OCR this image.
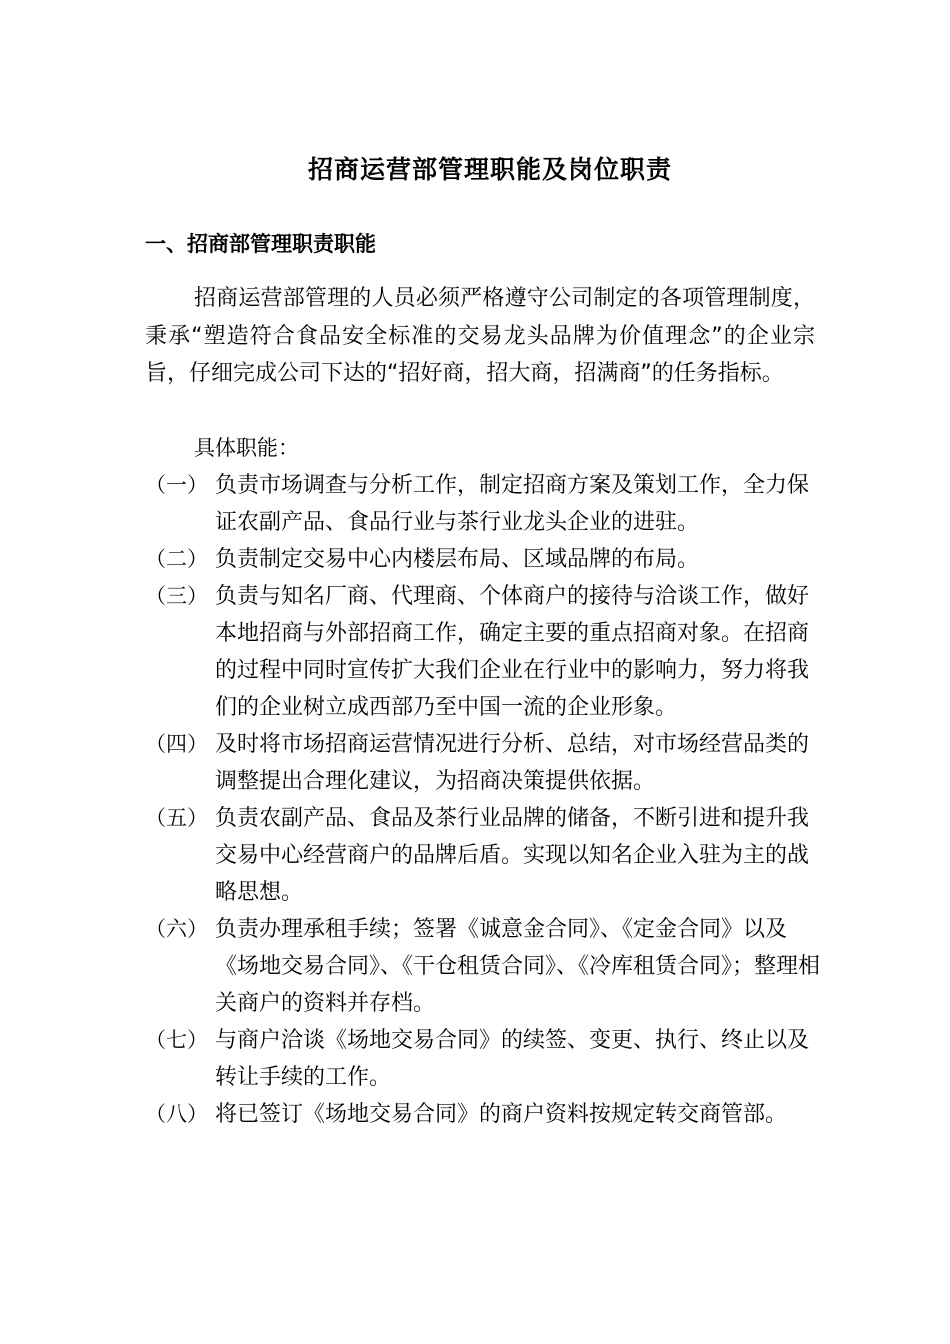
招商运营部管理职能及岗位职责
一、招商部管理职责职能

招商运营部管理的人员必须严格遵守公司制定的各项管理制度，秉承“塑造符合食品安全标准的交易龙头品牌为价值理念”的企业宗旨，仔细完成公司下达的“招好商，招大商，招满商”的任务指标。

具体职能：
（一） 负责市场调查与分析工作，制定招商方案及策划工作，全力保证农副产品、食品行业与茶行业龙头企业的进驻。
（二） 负责制定交易中心内楼层布局、区域品牌的布局。
（三） 负责与知名厂商、代理商、个体商户的接待与洽谈工作，做好本地招商与外部招商工作，确定主要的重点招商对象。在招商的过程中同时宣传扩大我们企业在行业中的影响力，努力将我们的企业树立成西部乃至中国一流的企业形象。
（四） 及时将市场招商运营情况进行分析、总结，对市场经营品类的调整提出合理化建议，为招商决策提供依据。
（五） 负责农副产品、食品及茶行业品牌的储备，不断引进和提升我交易中心经营商户的品牌后盾。实现以知名企业入驻为主的战略思想。
（六） 负责办理承租手续；签署《诚意金合同》、《定金合同》以及《场地交易合同》、《干仓租赁合同》、《冷库租赁合同》；整理相关商户的资料并存档。
（七） 与商户洽谈《场地交易合同》的续签、变更、执行、终止以及转让手续的工作。
（八） 将已签订《场地交易合同》的商户资料按规定转交商管部。
